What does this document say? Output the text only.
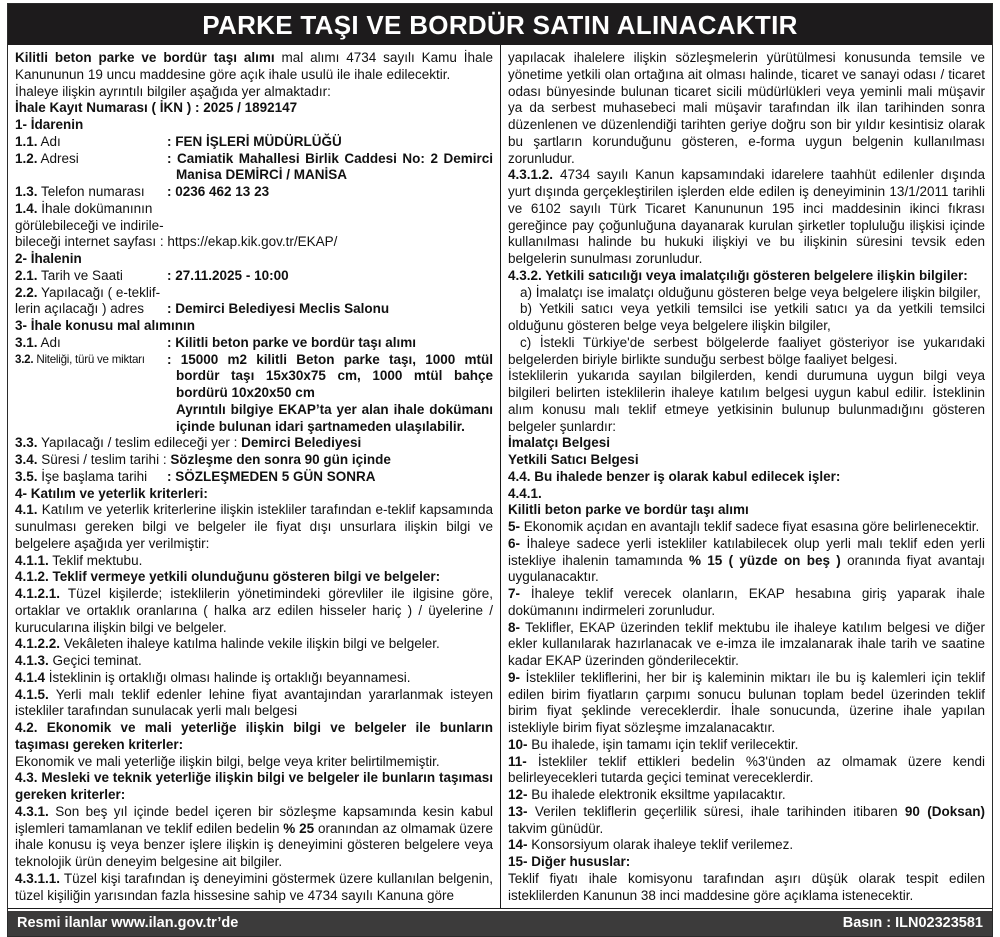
PARKE TAŞI VE BORDÜR SATIN ALINACAKTIR
Kilitli beton parke ve bordür taşı alımı mal alımı 4734 sayılı Kamu İhale Kanununun 19 uncu maddesine göre açık ihale usulü ile ihale edilecektir.
İhaleye ilişkin ayrıntılı bilgiler aşağıda yer almaktadır:
İhale Kayıt Numarası ( İKN ) : 2025 / 1892147
1- İdarenin
1.1. Adı	: FEN İŞLERİ MÜDÜRLÜĞÜ
1.2. Adresi	: Camiatik Mahallesi Birlik Caddesi No: 2 Demirci Manisa DEMİRCİ / MANİSA
1.3. Telefon numarası	: 0236 462 13 23
1.4. İhale dokümanının
görülebileceği ve indirile-
bileceği internet sayfası : https://ekap.kik.gov.tr/EKAP/
2- İhalenin
2.1. Tarih ve Saati	: 27.11.2025 - 10:00
2.2. Yapılacağı ( e-teklif-
lerin açılacağı ) adres	: Demirci Belediyesi Meclis Salonu
3- İhale konusu mal alımının
3.1. Adı	: Kilitli beton parke ve bordür taşı alımı
3.2. Niteliği, türü ve miktarı	: 15000 m2 kilitli Beton parke taşı, 1000 mtül bordür taşı 15x30x75 cm, 1000 mtül bahçe bordürü 10x20x50 cm
Ayrıntılı bilgiye EKAP’ta yer alan ihale dokümanı içinde bulunan idari şartnameden ulaşılabilir.
3.3. Yapılacağı / teslim edileceği yer : Demirci Belediyesi
3.4. Süresi / teslim tarihi : Sözleşme den sonra 90 gün içinde
3.5. İşe başlama tarihi	: SÖZLEŞMEDEN 5 GÜN SONRA
4- Katılım ve yeterlik kriterleri:
4.1. Katılım ve yeterlik kriterlerine ilişkin istekliler tarafından e-teklif kapsamında sunulması gereken bilgi ve belgeler ile fiyat dışı unsurlara ilişkin bilgi ve belgelere aşağıda yer verilmiştir:
4.1.1. Teklif mektubu.
4.1.2. Teklif vermeye yetkili olunduğunu gösteren bilgi ve belgeler:
4.1.2.1. Tüzel kişilerde; isteklilerin yönetimindeki görevliler ile ilgisine göre, ortaklar ve ortaklık oranlarına ( halka arz edilen hisseler hariç ) / üyelerine / kurucularına ilişkin bilgi ve belgeler.
4.1.2.2. Vekâleten ihaleye katılma halinde vekile ilişkin bilgi ve belgeler.
4.1.3. Geçici teminat.
4.1.4 İsteklinin iş ortaklığı olması halinde iş ortaklığı beyannamesi.
4.1.5. Yerli malı teklif edenler lehine fiyat avantajından yararlanmak isteyen istekliler tarafından sunulacak yerli malı belgesi
4.2. Ekonomik ve mali yeterliğe ilişkin bilgi ve belgeler ile bunların taşıması gereken kriterler:
Ekonomik ve mali yeterliğe ilişkin bilgi, belge veya kriter belirtilmemiştir.
4.3. Mesleki ve teknik yeterliğe ilişkin bilgi ve belgeler ile bunların taşıması gereken kriterler:
4.3.1. Son beş yıl içinde bedel içeren bir sözleşme kapsamında kesin kabul işlemleri tamamlanan ve teklif edilen bedelin % 25 oranından az olmamak üzere ihale konusu iş veya benzer işlere ilişkin iş deneyimini gösteren belgelere veya teknolojik ürün deneyim belgesine ait bilgiler.
4.3.1.1. Tüzel kişi tarafından iş deneyimini göstermek üzere kullanılan belgenin, tüzel kişiliğin yarısından fazla hissesine sahip ve 4734 sayılı Kanuna göre
yapılacak ihalelere ilişkin sözleşmelerin yürütülmesi konusunda temsile ve yönetime yetkili olan ortağına ait olması halinde, ticaret ve sanayi odası / ticaret odası bünyesinde bulunan ticaret sicili müdürlükleri veya yeminli mali müşavir ya da serbest muhasebeci mali müşavir tarafından ilk ilan tarihinden sonra düzenlenen ve düzenlendiği tarihten geriye doğru son bir yıldır kesintisiz olarak bu şartların korunduğunu gösteren, e-forma uygun belgenin kullanılması zorunludur.
4.3.1.2. 4734 sayılı Kanun kapsamındaki idarelere taahhüt edilenler dışında yurt dışında gerçekleştirilen işlerden elde edilen iş deneyiminin 13/1/2011 tarihli ve 6102 sayılı Türk Ticaret Kanununun 195 inci maddesinin ikinci fıkrası gereğince pay çoğunluğuna dayanarak kurulan şirketler topluluğu ilişkisi içinde kullanılması halinde bu hukuki ilişkiyi ve bu ilişkinin süresini tevsik eden belgelerin sunulması zorunludur.
4.3.2. Yetkili satıcılığı veya imalatçılığı gösteren belgelere ilişkin bilgiler:
a) İmalatçı ise imalatçı olduğunu gösteren belge veya belgelere ilişkin bilgiler,
b) Yetkili satıcı veya yetkili temsilci ise yetkili satıcı ya da yetkili temsilci olduğunu gösteren belge veya belgelere ilişkin bilgiler,
c) İstekli Türkiye'de serbest bölgelerde faaliyet gösteriyor ise yukarıdaki belgelerden biriyle birlikte sunduğu serbest bölge faaliyet belgesi.
İsteklilerin yukarıda sayılan bilgilerden, kendi durumuna uygun bilgi veya bilgileri belirten isteklilerin ihaleye katılım belgesi uygun kabul edilir. İsteklinin alım konusu malı teklif etmeye yetkisinin bulunup bulunmadığını gösteren belgeler şunlardır:
İmalatçı Belgesi
Yetkili Satıcı Belgesi
4.4. Bu ihalede benzer iş olarak kabul edilecek işler:
4.4.1.
Kilitli beton parke ve bordür taşı alımı
5- Ekonomik açıdan en avantajlı teklif sadece fiyat esasına göre belirlenecektir.
6- İhaleye sadece yerli istekliler katılabilecek olup yerli malı teklif eden yerli istekliye ihalenin tamamında % 15 ( yüzde on beş ) oranında fiyat avantajı uygulanacaktır.
7- İhaleye teklif verecek olanların, EKAP hesabına giriş yaparak ihale dokümanını indirmeleri zorunludur.
8- Teklifler, EKAP üzerinden teklif mektubu ile ihaleye katılım belgesi ve diğer ekler kullanılarak hazırlanacak ve e-imza ile imzalanarak ihale tarih ve saatine kadar EKAP üzerinden gönderilecektir.
9- İstekliler tekliflerini, her bir iş kaleminin miktarı ile bu iş kalemleri için teklif edilen birim fiyatların çarpımı sonucu bulunan toplam bedel üzerinden teklif birim fiyat şeklinde vereceklerdir. İhale sonucunda, üzerine ihale yapılan istekliyle birim fiyat sözleşme imzalanacaktır.
10- Bu ihalede, işin tamamı için teklif verilecektir.
11- İstekliler teklif ettikleri bedelin %3'ünden az olmamak üzere kendi belirleyecekleri tutarda geçici teminat vereceklerdir.
12- Bu ihalede elektronik eksiltme yapılacaktır.
13- Verilen tekliflerin geçerlilik süresi, ihale tarihinden itibaren 90 (Doksan) takvim günüdür.
14- Konsorsiyum olarak ihaleye teklif verilemez.
15- Diğer hususlar:
Teklif fiyatı ihale komisyonu tarafından aşırı düşük olarak tespit edilen isteklilerden Kanunun 38 inci maddesine göre açıklama istenecektir.
Resmi ilanlar www.ilan.gov.tr’de	Basın : ILN02323581
